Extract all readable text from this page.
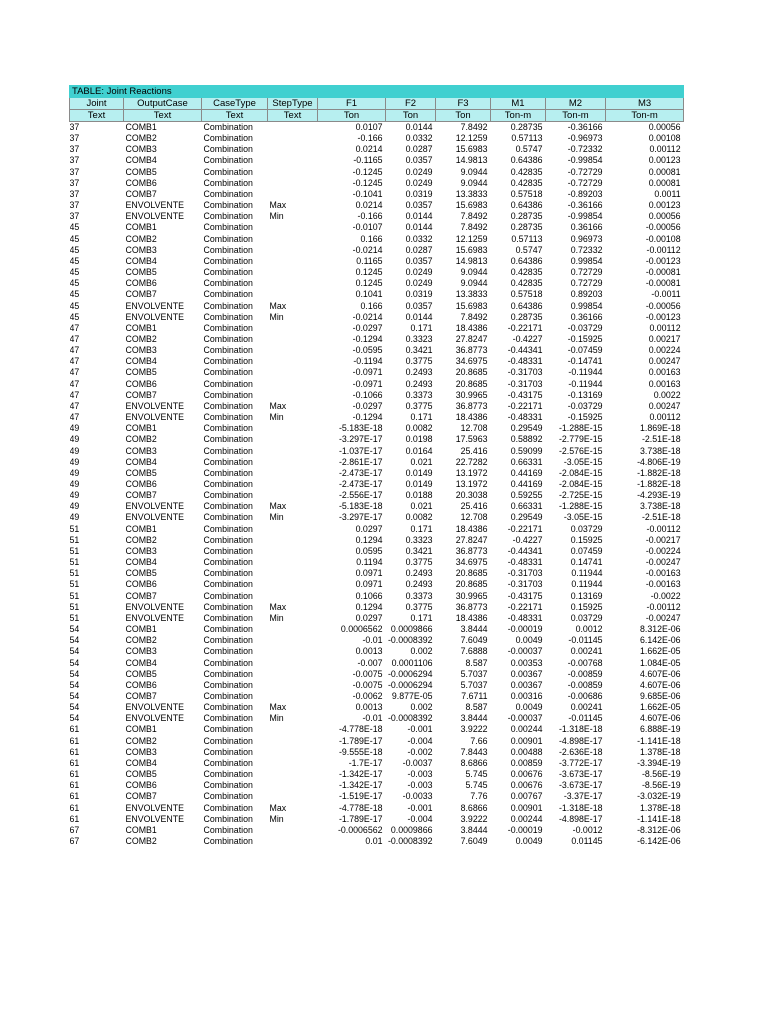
TABLE: Joint Reactions									
Joint	OutputCase	CaseType	StepType	F1	F2	F3	M1	M2	M3
Text	Text	Text	Text	Ton	Ton	Ton	Ton-m	Ton-m	Ton-m
37	COMB1	Combination		0.0107	0.0144	7.8492	0.28735	-0.36166	0.00056
37	COMB2	Combination		-0.166	0.0332	12.1259	0.57113	-0.96973	0.00108
37	COMB3	Combination		0.0214	0.0287	15.6983	0.5747	-0.72332	0.00112
37	COMB4	Combination		-0.1165	0.0357	14.9813	0.64386	-0.99854	0.00123
37	COMB5	Combination		-0.1245	0.0249	9.0944	0.42835	-0.72729	0.00081
37	COMB6	Combination		-0.1245	0.0249	9.0944	0.42835	-0.72729	0.00081
37	COMB7	Combination		-0.1041	0.0319	13.3833	0.57518	-0.89203	0.0011
37	ENVOLVENTE	Combination	Max	0.0214	0.0357	15.6983	0.64386	-0.36166	0.00123
37	ENVOLVENTE	Combination	Min	-0.166	0.0144	7.8492	0.28735	-0.99854	0.00056
45	COMB1	Combination		-0.0107	0.0144	7.8492	0.28735	0.36166	-0.00056
45	COMB2	Combination		0.166	0.0332	12.1259	0.57113	0.96973	-0.00108
45	COMB3	Combination		-0.0214	0.0287	15.6983	0.5747	0.72332	-0.00112
45	COMB4	Combination		0.1165	0.0357	14.9813	0.64386	0.99854	-0.00123
45	COMB5	Combination		0.1245	0.0249	9.0944	0.42835	0.72729	-0.00081
45	COMB6	Combination		0.1245	0.0249	9.0944	0.42835	0.72729	-0.00081
45	COMB7	Combination		0.1041	0.0319	13.3833	0.57518	0.89203	-0.0011
45	ENVOLVENTE	Combination	Max	0.166	0.0357	15.6983	0.64386	0.99854	-0.00056
45	ENVOLVENTE	Combination	Min	-0.0214	0.0144	7.8492	0.28735	0.36166	-0.00123
47	COMB1	Combination		-0.0297	0.171	18.4386	-0.22171	-0.03729	0.00112
47	COMB2	Combination		-0.1294	0.3323	27.8247	-0.4227	-0.15925	0.00217
47	COMB3	Combination		-0.0595	0.3421	36.8773	-0.44341	-0.07459	0.00224
47	COMB4	Combination		-0.1194	0.3775	34.6975	-0.48331	-0.14741	0.00247
47	COMB5	Combination		-0.0971	0.2493	20.8685	-0.31703	-0.11944	0.00163
47	COMB6	Combination		-0.0971	0.2493	20.8685	-0.31703	-0.11944	0.00163
47	COMB7	Combination		-0.1066	0.3373	30.9965	-0.43175	-0.13169	0.0022
47	ENVOLVENTE	Combination	Max	-0.0297	0.3775	36.8773	-0.22171	-0.03729	0.00247
47	ENVOLVENTE	Combination	Min	-0.1294	0.171	18.4386	-0.48331	-0.15925	0.00112
49	COMB1	Combination		-5.183E-18	0.0082	12.708	0.29549	-1.288E-15	1.869E-18
49	COMB2	Combination		-3.297E-17	0.0198	17.5963	0.58892	-2.779E-15	-2.51E-18
49	COMB3	Combination		-1.037E-17	0.0164	25.416	0.59099	-2.576E-15	3.738E-18
49	COMB4	Combination		-2.861E-17	0.021	22.7282	0.66331	-3.05E-15	-4.806E-19
49	COMB5	Combination		-2.473E-17	0.0149	13.1972	0.44169	-2.084E-15	-1.882E-18
49	COMB6	Combination		-2.473E-17	0.0149	13.1972	0.44169	-2.084E-15	-1.882E-18
49	COMB7	Combination		-2.556E-17	0.0188	20.3038	0.59255	-2.725E-15	-4.293E-19
49	ENVOLVENTE	Combination	Max	-5.183E-18	0.021	25.416	0.66331	-1.288E-15	3.738E-18
49	ENVOLVENTE	Combination	Min	-3.297E-17	0.0082	12.708	0.29549	-3.05E-15	-2.51E-18
51	COMB1	Combination		0.0297	0.171	18.4386	-0.22171	0.03729	-0.00112
51	COMB2	Combination		0.1294	0.3323	27.8247	-0.4227	0.15925	-0.00217
51	COMB3	Combination		0.0595	0.3421	36.8773	-0.44341	0.07459	-0.00224
51	COMB4	Combination		0.1194	0.3775	34.6975	-0.48331	0.14741	-0.00247
51	COMB5	Combination		0.0971	0.2493	20.8685	-0.31703	0.11944	-0.00163
51	COMB6	Combination		0.0971	0.2493	20.8685	-0.31703	0.11944	-0.00163
51	COMB7	Combination		0.1066	0.3373	30.9965	-0.43175	0.13169	-0.0022
51	ENVOLVENTE	Combination	Max	0.1294	0.3775	36.8773	-0.22171	0.15925	-0.00112
51	ENVOLVENTE	Combination	Min	0.0297	0.171	18.4386	-0.48331	0.03729	-0.00247
54	COMB1	Combination		0.0006562	0.0009866	3.8444	-0.00019	0.0012	8.312E-06
54	COMB2	Combination		-0.01	-0.0008392	7.6049	0.0049	-0.01145	6.142E-06
54	COMB3	Combination		0.0013	0.002	7.6888	-0.00037	0.00241	1.662E-05
54	COMB4	Combination		-0.007	0.0001106	8.587	0.00353	-0.00768	1.084E-05
54	COMB5	Combination		-0.0075	-0.0006294	5.7037	0.00367	-0.00859	4.607E-06
54	COMB6	Combination		-0.0075	-0.0006294	5.7037	0.00367	-0.00859	4.607E-06
54	COMB7	Combination		-0.0062	9.877E-05	7.6711	0.00316	-0.00686	9.685E-06
54	ENVOLVENTE	Combination	Max	0.0013	0.002	8.587	0.0049	0.00241	1.662E-05
54	ENVOLVENTE	Combination	Min	-0.01	-0.0008392	3.8444	-0.00037	-0.01145	4.607E-06
61	COMB1	Combination		-4.778E-18	-0.001	3.9222	0.00244	-1.318E-18	6.888E-19
61	COMB2	Combination		-1.789E-17	-0.004	7.66	0.00901	-4.898E-17	-1.141E-18
61	COMB3	Combination		-9.555E-18	-0.002	7.8443	0.00488	-2.636E-18	1.378E-18
61	COMB4	Combination		-1.7E-17	-0.0037	8.6866	0.00859	-3.772E-17	-3.394E-19
61	COMB5	Combination		-1.342E-17	-0.003	5.745	0.00676	-3.673E-17	-8.56E-19
61	COMB6	Combination		-1.342E-17	-0.003	5.745	0.00676	-3.673E-17	-8.56E-19
61	COMB7	Combination		-1.519E-17	-0.0033	7.76	0.00767	-3.37E-17	-3.032E-19
61	ENVOLVENTE	Combination	Max	-4.778E-18	-0.001	8.6866	0.00901	-1.318E-18	1.378E-18
61	ENVOLVENTE	Combination	Min	-1.789E-17	-0.004	3.9222	0.00244	-4.898E-17	-1.141E-18
67	COMB1	Combination		-0.0006562	0.0009866	3.8444	-0.00019	-0.0012	-8.312E-06
67	COMB2	Combination		0.01	-0.0008392	7.6049	0.0049	0.01145	-6.142E-06
